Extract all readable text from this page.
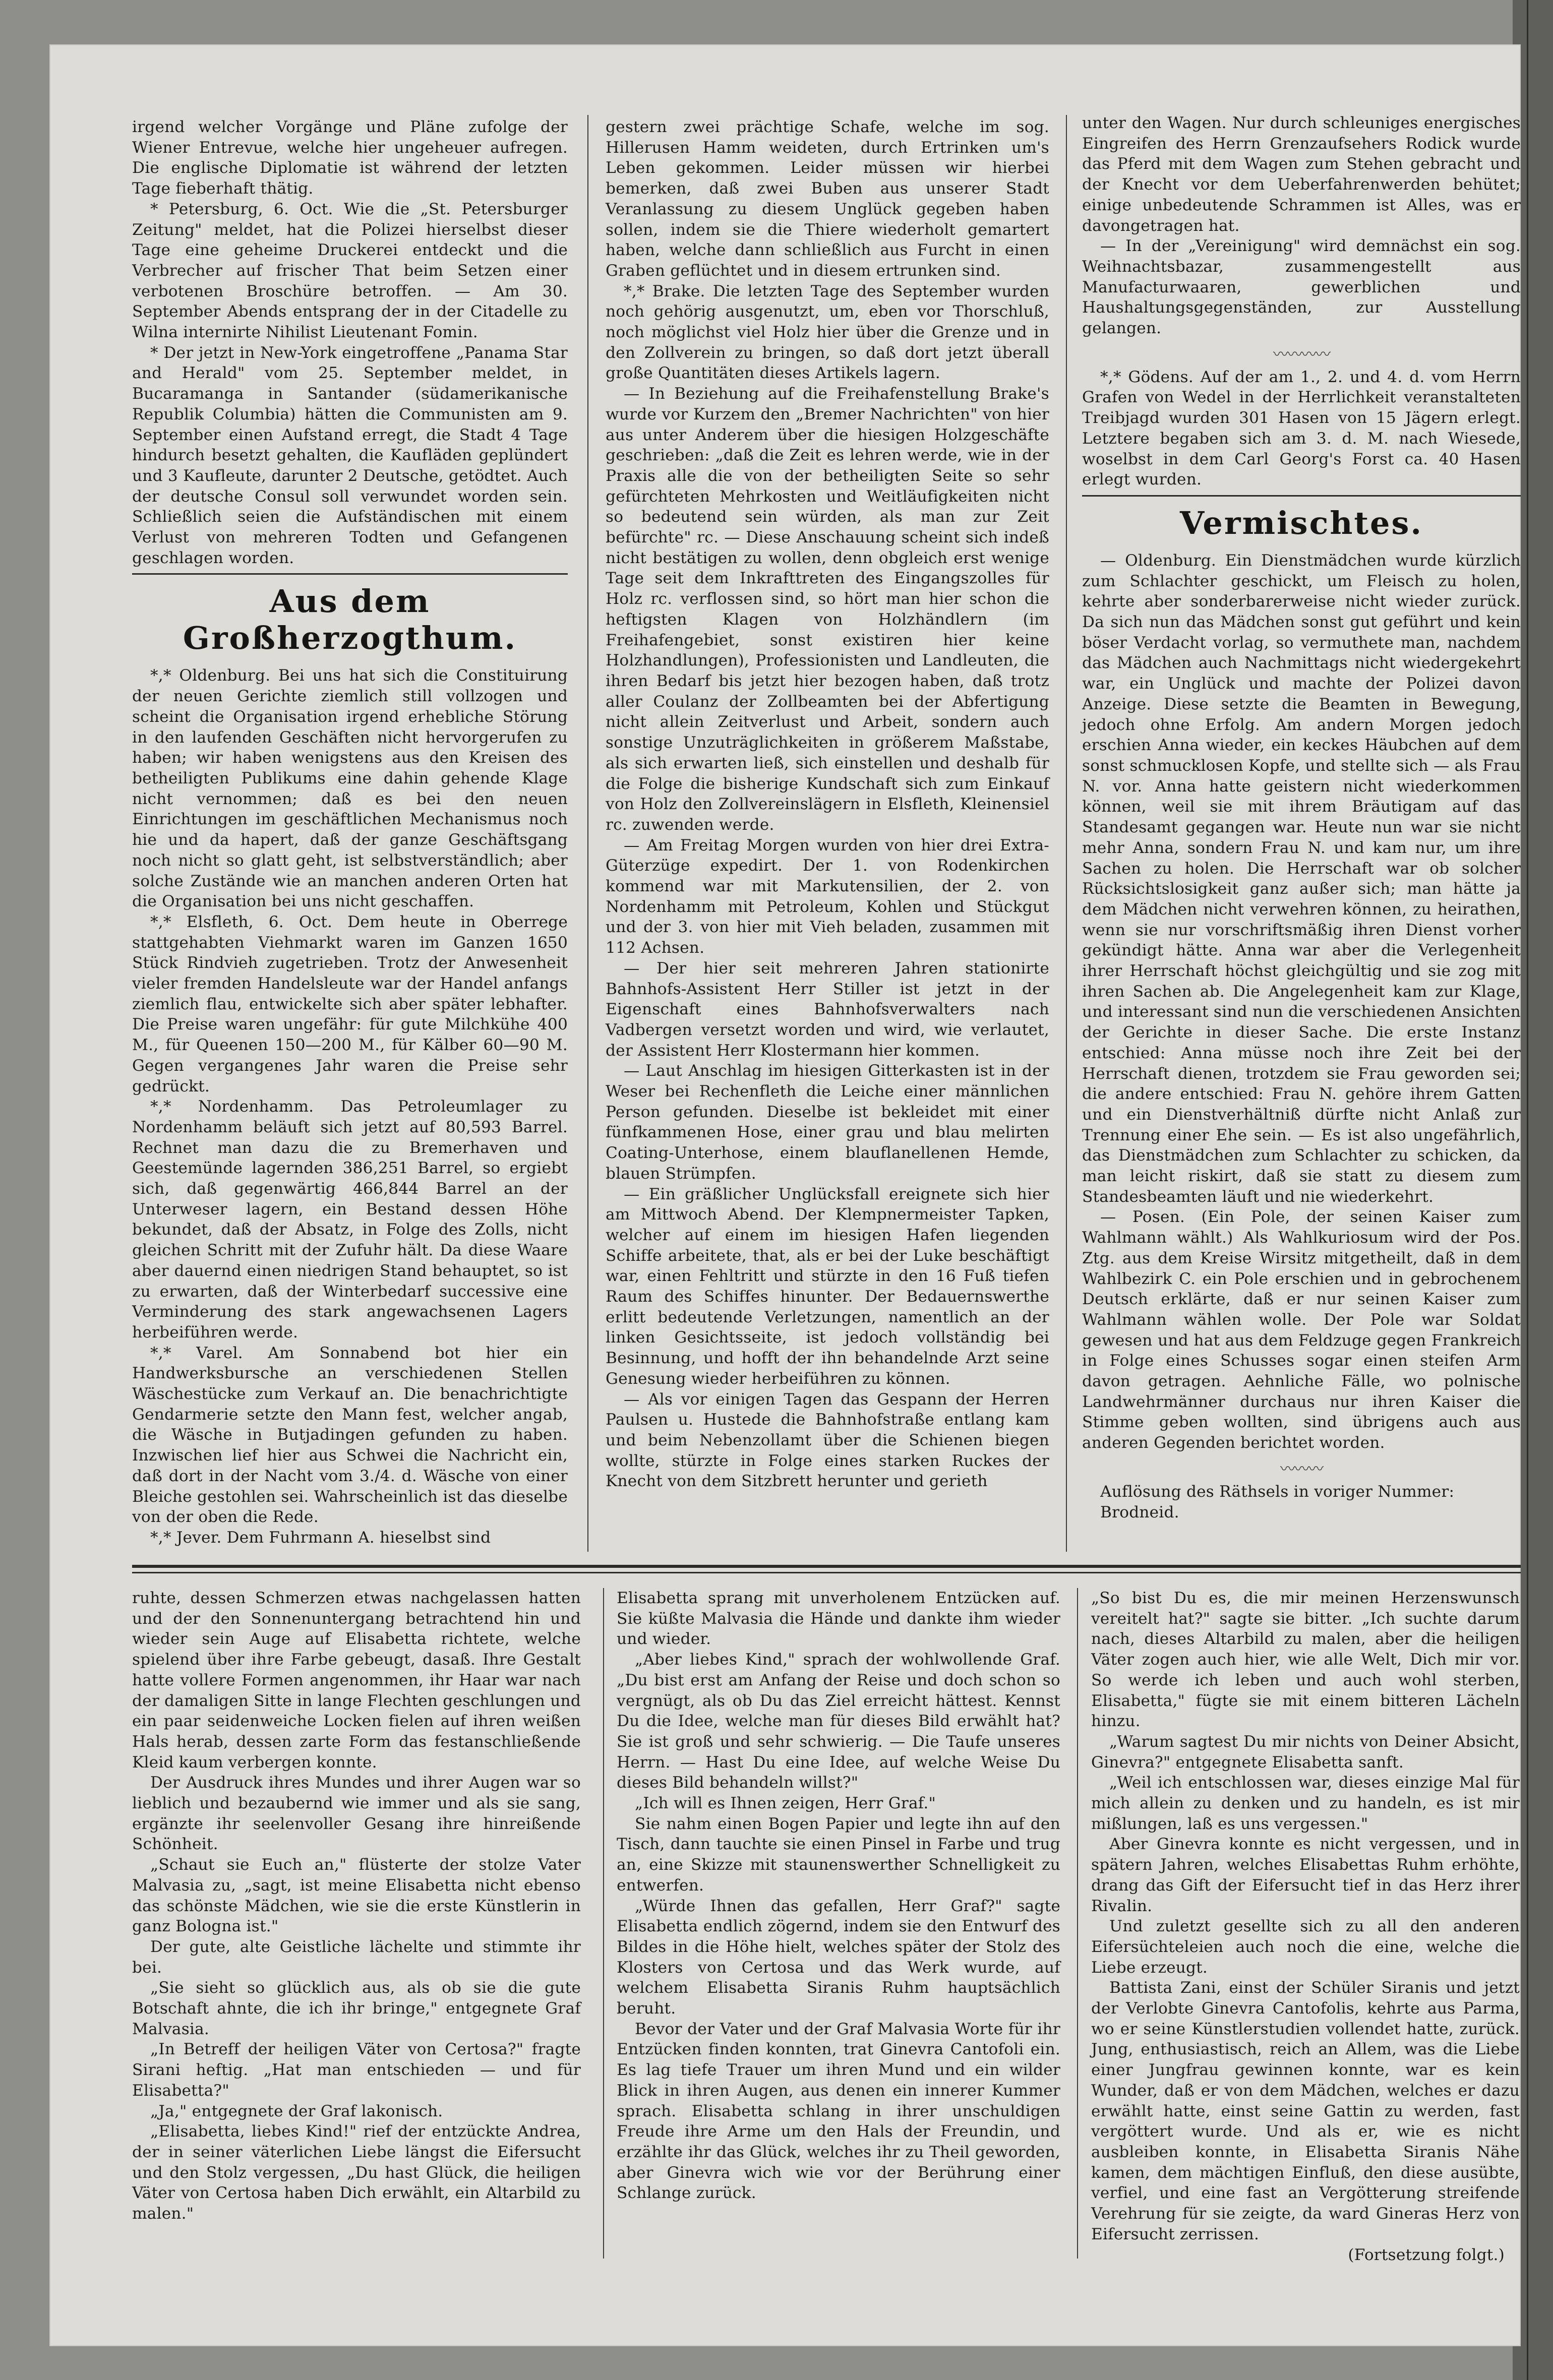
irgend welcher Vorgänge und Pläne zufolge der Wiener Entrevue, welche hier ungeheuer aufregen. Die englische Diplomatie ist während der letzten Tage fieberhaft thätig.

* Petersburg, 6. Oct. Wie die „St. Petersburger Zeitung" meldet, hat die Polizei hierselbst dieser Tage eine geheime Druckerei entdeckt und die Verbrecher auf frischer That beim Setzen einer verbotenen Broschüre betroffen. — Am 30. September Abends entsprang der in der Citadelle zu Wilna internirte Nihilist Lieutenant Fomin.

* Der jetzt in New-York eingetroffene „Panama Star and Herald" vom 25. September meldet, in Bucaramanga in Santander (südamerikanische Republik Columbia) hätten die Communisten am 9. September einen Aufstand erregt, die Stadt 4 Tage hindurch besetzt gehalten, die Kaufläden geplündert und 3 Kaufleute, darunter 2 Deutsche, getödtet. Auch der deutsche Consul soll verwundet worden sein. Schließlich seien die Aufständischen mit einem Verlust von mehreren Todten und Gefangenen geschlagen worden.

Aus dem Großherzogthum.

*,* Oldenburg. Bei uns hat sich die Constituirung der neuen Gerichte ziemlich still vollzogen und scheint die Organisation irgend erhebliche Störung in den laufenden Geschäften nicht hervorgerufen zu haben; wir haben wenigstens aus den Kreisen des betheiligten Publikums eine dahin gehende Klage nicht vernommen; daß es bei den neuen Einrichtungen im geschäftlichen Mechanismus noch hie und da hapert, daß der ganze Geschäftsgang noch nicht so glatt geht, ist selbstverständlich; aber solche Zustände wie an manchen anderen Orten hat die Organisation bei uns nicht geschaffen.

*,* Elsfleth, 6. Oct. Dem heute in Oberrege stattgehabten Viehmarkt waren im Ganzen 1650 Stück Rindvieh zugetrieben. Trotz der Anwesenheit vieler fremden Handelsleute war der Handel anfangs ziemlich flau, entwickelte sich aber später lebhafter. Die Preise waren ungefähr: für gute Milchkühe 400 M., für Queenen 150—200 M., für Kälber 60—90 M. Gegen vergangenes Jahr waren die Preise sehr gedrückt.

*,* Nordenhamm. Das Petroleumlager zu Nordenhamm beläuft sich jetzt auf 80,593 Barrel. Rechnet man dazu die zu Bremerhaven und Geestemünde lagernden 386,251 Barrel, so ergiebt sich, daß gegenwärtig 466,844 Barrel an der Unterweser lagern, ein Bestand dessen Höhe bekundet, daß der Absatz, in Folge des Zolls, nicht gleichen Schritt mit der Zufuhr hält. Da diese Waare aber dauernd einen niedrigen Stand behauptet, so ist zu erwarten, daß der Winterbedarf successive eine Verminderung des stark angewachsenen Lagers herbeiführen werde.

*,* Varel. Am Sonnabend bot hier ein Handwerksbursche an verschiedenen Stellen Wäschestücke zum Verkauf an. Die benachrichtigte Gendarmerie setzte den Mann fest, welcher angab, die Wäsche in Butjadingen gefunden zu haben. Inzwischen lief hier aus Schwei die Nachricht ein, daß dort in der Nacht vom 3./4. d. Wäsche von einer Bleiche gestohlen sei. Wahrscheinlich ist das dieselbe von der oben die Rede.

*,* Jever. Dem Fuhrmann A. hieselbst sind

gestern zwei prächtige Schafe, welche im sog. Hillerusen Hamm weideten, durch Ertrinken um's Leben gekommen. Leider müssen wir hierbei bemerken, daß zwei Buben aus unserer Stadt Veranlassung zu diesem Unglück gegeben haben sollen, indem sie die Thiere wiederholt gemartert haben, welche dann schließlich aus Furcht in einen Graben geflüchtet und in diesem ertrunken sind.

*,* Brake. Die letzten Tage des September wurden noch gehörig ausgenutzt, um, eben vor Thorschluß, noch möglichst viel Holz hier über die Grenze und in den Zollverein zu bringen, so daß dort jetzt überall große Quantitäten dieses Artikels lagern.

— In Beziehung auf die Freihafenstellung Brake's wurde vor Kurzem den „Bremer Nachrichten" von hier aus unter Anderem über die hiesigen Holzgeschäfte geschrieben: „daß die Zeit es lehren werde, wie in der Praxis alle die von der betheiligten Seite so sehr gefürchteten Mehrkosten und Weitläufigkeiten nicht so bedeutend sein würden, als man zur Zeit befürchte" rc. — Diese Anschauung scheint sich indeß nicht bestätigen zu wollen, denn obgleich erst wenige Tage seit dem Inkrafttreten des Eingangszolles für Holz rc. verflossen sind, so hört man hier schon die heftigsten Klagen von Holzhändlern (im Freihafengebiet, sonst existiren hier keine Holzhandlungen), Professionisten und Landleuten, die ihren Bedarf bis jetzt hier bezogen haben, daß trotz aller Coulanz der Zollbeamten bei der Abfertigung nicht allein Zeitverlust und Arbeit, sondern auch sonstige Unzuträglichkeiten in größerem Maßstabe, als sich erwarten ließ, sich einstellen und deshalb für die Folge die bisherige Kundschaft sich zum Einkauf von Holz den Zollvereinslägern in Elsfleth, Kleinensiel rc. zuwenden werde.

— Am Freitag Morgen wurden von hier drei Extra-Güterzüge expedirt. Der 1. von Rodenkirchen kommend war mit Markutensilien, der 2. von Nordenhamm mit Petroleum, Kohlen und Stückgut und der 3. von hier mit Vieh beladen, zusammen mit 112 Achsen.

— Der hier seit mehreren Jahren stationirte Bahnhofs-Assistent Herr Stiller ist jetzt in der Eigenschaft eines Bahnhofsverwalters nach Vadbergen versetzt worden und wird, wie verlautet, der Assistent Herr Klostermann hier kommen.

— Laut Anschlag im hiesigen Gitterkasten ist in der Weser bei Rechenfleth die Leiche einer männlichen Person gefunden. Dieselbe ist bekleidet mit einer fünfkammenen Hose, einer grau und blau melirten Coating-Unterhose, einem blauflanellenen Hemde, blauen Strümpfen.

— Ein gräßlicher Unglücksfall ereignete sich hier am Mittwoch Abend. Der Klempnermeister Tapken, welcher auf einem im hiesigen Hafen liegenden Schiffe arbeitete, that, als er bei der Luke beschäftigt war, einen Fehltritt und stürzte in den 16 Fuß tiefen Raum des Schiffes hinunter. Der Bedauernswerthe erlitt bedeutende Verletzungen, namentlich an der linken Gesichtsseite, ist jedoch vollständig bei Besinnung, und hofft der ihn behandelnde Arzt seine Genesung wieder herbeiführen zu können.

— Als vor einigen Tagen das Gespann der Herren Paulsen u. Hustede die Bahnhofstraße entlang kam und beim Nebenzollamt über die Schienen biegen wollte, stürzte in Folge eines starken Ruckes der Knecht von dem Sitzbrett herunter und gerieth

unter den Wagen. Nur durch schleuniges energisches Eingreifen des Herrn Grenzaufsehers Rodick wurde das Pferd mit dem Wagen zum Stehen gebracht und der Knecht vor dem Ueberfahrenwerden behütet; einige unbedeutende Schrammen ist Alles, was er davongetragen hat.

— In der „Vereinigung" wird demnächst ein sog. Weihnachtsbazar, zusammengestellt aus Manufacturwaaren, gewerblichen und Haushaltungsgegenständen, zur Ausstellung gelangen.

〰〰〰〰

*,* Gödens. Auf der am 1., 2. und 4. d. vom Herrn Grafen von Wedel in der Herrlichkeit veranstalteten Treibjagd wurden 301 Hasen von 15 Jägern erlegt. Letztere begaben sich am 3. d. M. nach Wiesede, woselbst in dem Carl Georg's Forst ca. 40 Hasen erlegt wurden.

Vermischtes.

— Oldenburg. Ein Dienstmädchen wurde kürzlich zum Schlachter geschickt, um Fleisch zu holen, kehrte aber sonderbarerweise nicht wieder zurück. Da sich nun das Mädchen sonst gut geführt und kein böser Verdacht vorlag, so vermuthete man, nachdem das Mädchen auch Nachmittags nicht wiedergekehrt war, ein Unglück und machte der Polizei davon Anzeige. Diese setzte die Beamten in Bewegung, jedoch ohne Erfolg. Am andern Morgen jedoch erschien Anna wieder, ein keckes Häubchen auf dem sonst schmucklosen Kopfe, und stellte sich — als Frau N. vor. Anna hatte geistern nicht wiederkommen können, weil sie mit ihrem Bräutigam auf das Standesamt gegangen war. Heute nun war sie nicht mehr Anna, sondern Frau N. und kam nur, um ihre Sachen zu holen. Die Herrschaft war ob solcher Rücksichtslosigkeit ganz außer sich; man hätte ja dem Mädchen nicht verwehren können, zu heirathen, wenn sie nur vorschriftsmäßig ihren Dienst vorher gekündigt hätte. Anna war aber die Verlegenheit ihrer Herrschaft höchst gleichgültig und sie zog mit ihren Sachen ab. Die Angelegenheit kam zur Klage, und interessant sind nun die verschiedenen Ansichten der Gerichte in dieser Sache. Die erste Instanz entschied: Anna müsse noch ihre Zeit bei der Herrschaft dienen, trotzdem sie Frau geworden sei; die andere entschied: Frau N. gehöre ihrem Gatten und ein Dienstverhältniß dürfte nicht Anlaß zur Trennung einer Ehe sein. — Es ist also ungefährlich, das Dienstmädchen zum Schlachter zu schicken, da man leicht riskirt, daß sie statt zu diesem zum Standesbeamten läuft und nie wiederkehrt.

— Posen. (Ein Pole, der seinen Kaiser zum Wahlmann wählt.) Als Wahlkuriosum wird der Pos. Ztg. aus dem Kreise Wirsitz mitgetheilt, daß in dem Wahlbezirk C. ein Pole erschien und in gebrochenem Deutsch erklärte, daß er nur seinen Kaiser zum Wahlmann wählen wolle. Der Pole war Soldat gewesen und hat aus dem Feldzuge gegen Frankreich in Folge eines Schusses sogar einen steifen Arm davon getragen. Aehnliche Fälle, wo polnische Landwehrmänner durchaus nur ihren Kaiser die Stimme geben wollten, sind übrigens auch aus anderen Gegenden berichtet worden.

〰〰〰

Auflösung des Räthsels in voriger Nummer:

Brodneid.

ruhte, dessen Schmerzen etwas nachgelassen hatten und der den Sonnenuntergang betrachtend hin und wieder sein Auge auf Elisabetta richtete, welche spielend über ihre Farbe gebeugt, dasaß. Ihre Gestalt hatte vollere Formen angenommen, ihr Haar war nach der damaligen Sitte in lange Flechten geschlungen und ein paar seidenweiche Locken fielen auf ihren weißen Hals herab, dessen zarte Form das festanschließende Kleid kaum verbergen konnte.

Der Ausdruck ihres Mundes und ihrer Augen war so lieblich und bezaubernd wie immer und als sie sang, ergänzte ihr seelenvoller Gesang ihre hinreißende Schönheit.

„Schaut sie Euch an," flüsterte der stolze Vater Malvasia zu, „sagt, ist meine Elisabetta nicht ebenso das schönste Mädchen, wie sie die erste Künstlerin in ganz Bologna ist."

Der gute, alte Geistliche lächelte und stimmte ihr bei.

„Sie sieht so glücklich aus, als ob sie die gute Botschaft ahnte, die ich ihr bringe," entgegnete Graf Malvasia.

„In Betreff der heiligen Väter von Certosa?" fragte Sirani heftig. „Hat man entschieden — und für Elisabetta?"

„Ja," entgegnete der Graf lakonisch.

„Elisabetta, liebes Kind!" rief der entzückte Andrea, der in seiner väterlichen Liebe längst die Eifersucht und den Stolz vergessen, „Du hast Glück, die heiligen Väter von Certosa haben Dich erwählt, ein Altarbild zu malen."

Elisabetta sprang mit unverholenem Entzücken auf. Sie küßte Malvasia die Hände und dankte ihm wieder und wieder.

„Aber liebes Kind," sprach der wohlwollende Graf. „Du bist erst am Anfang der Reise und doch schon so vergnügt, als ob Du das Ziel erreicht hättest. Kennst Du die Idee, welche man für dieses Bild erwählt hat? Sie ist groß und sehr schwierig. — Die Taufe unseres Herrn. — Hast Du eine Idee, auf welche Weise Du dieses Bild behandeln willst?"

„Ich will es Ihnen zeigen, Herr Graf."

Sie nahm einen Bogen Papier und legte ihn auf den Tisch, dann tauchte sie einen Pinsel in Farbe und trug an, eine Skizze mit staunenswerther Schnelligkeit zu entwerfen.

„Würde Ihnen das gefallen, Herr Graf?" sagte Elisabetta endlich zögernd, indem sie den Entwurf des Bildes in die Höhe hielt, welches später der Stolz des Klosters von Certosa und das Werk wurde, auf welchem Elisabetta Siranis Ruhm hauptsächlich beruht.

Bevor der Vater und der Graf Malvasia Worte für ihr Entzücken finden konnten, trat Ginevra Cantofoli ein. Es lag tiefe Trauer um ihren Mund und ein wilder Blick in ihren Augen, aus denen ein innerer Kummer sprach. Elisabetta schlang in ihrer unschuldigen Freude ihre Arme um den Hals der Freundin, und erzählte ihr das Glück, welches ihr zu Theil geworden, aber Ginevra wich wie vor der Berührung einer Schlange zurück.

„So bist Du es, die mir meinen Herzenswunsch vereitelt hat?" sagte sie bitter. „Ich suchte darum nach, dieses Altarbild zu malen, aber die heiligen Väter zogen auch hier, wie alle Welt, Dich mir vor. So werde ich leben und auch wohl sterben, Elisabetta," fügte sie mit einem bitteren Lächeln hinzu.

„Warum sagtest Du mir nichts von Deiner Absicht, Ginevra?" entgegnete Elisabetta sanft.

„Weil ich entschlossen war, dieses einzige Mal für mich allein zu denken und zu handeln, es ist mir mißlungen, laß es uns vergessen."

Aber Ginevra konnte es nicht vergessen, und in spätern Jahren, welches Elisabettas Ruhm erhöhte, drang das Gift der Eifersucht tief in das Herz ihrer Rivalin.

Und zuletzt gesellte sich zu all den anderen Eifersüchteleien auch noch die eine, welche die Liebe erzeugt.

Battista Zani, einst der Schüler Siranis und jetzt der Verlobte Ginevra Cantofolis, kehrte aus Parma, wo er seine Künstlerstudien vollendet hatte, zurück. Jung, enthusiastisch, reich an Allem, was die Liebe einer Jungfrau gewinnen konnte, war es kein Wunder, daß er von dem Mädchen, welches er dazu erwählt hatte, einst seine Gattin zu werden, fast vergöttert wurde. Und als er, wie es nicht ausbleiben konnte, in Elisabetta Siranis Nähe kamen, dem mächtigen Einfluß, den diese ausübte, verfiel, und eine fast an Vergötterung streifende Verehrung für sie zeigte, da ward Gineras Herz von Eifersucht zerrissen.

(Fortsetzung folgt.)
